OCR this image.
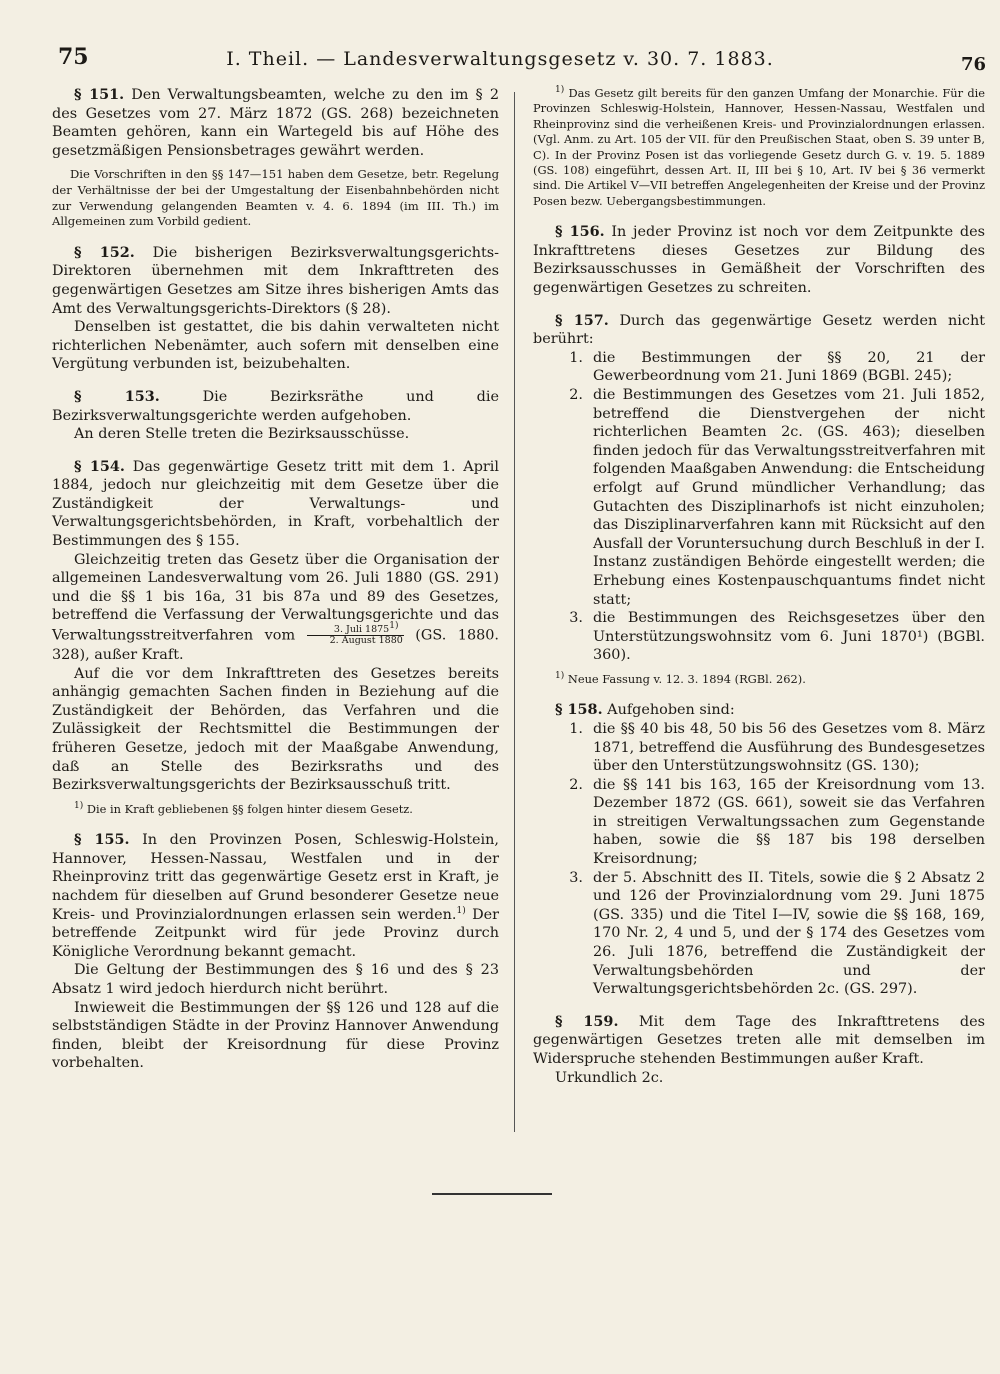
75	I. Theil. — Landesverwaltungsgesetz v. 30. 7. 1883.	76

§ 151. Den Verwaltungsbeamten, welche zu den im § 2 des Gesetzes vom 27. März 1872 (GS. 268) bezeichneten Beamten gehören, kann ein Wartegeld bis auf Höhe des gesetzmäßigen Pensionsbetrages gewährt werden.

Die Vorschriften in den §§ 147—151 haben dem Gesetze, betr. Regelung der Verhältnisse der bei der Umgestaltung der Eisenbahnbehörden nicht zur Verwendung gelangenden Beamten v. 4. 6. 1894 (im III. Th.) im Allgemeinen zum Vorbild gedient.

§ 152. Die bisherigen Bezirksverwaltungsgerichts-Direktoren übernehmen mit dem Inkrafttreten des gegenwärtigen Gesetzes am Sitze ihres bisherigen Amts das Amt des Verwaltungsgerichts-Direktors (§ 28).

Denselben ist gestattet, die bis dahin verwalteten nicht richterlichen Nebenämter, auch sofern mit denselben eine Vergütung verbunden ist, beizubehalten.

§ 153.	Die Bezirksräthe und die Bezirksverwaltungsgerichte werden aufgehoben.

An deren Stelle treten die Bezirksausschüsse.

§ 154. Das gegenwärtige Gesetz tritt mit dem 1. April 1884, jedoch nur gleichzeitig mit dem Gesetze über die Zuständigkeit der Verwaltungs- und Verwaltungsgerichtsbehörden, in Kraft, vorbehaltlich der Bestimmungen des § 155.

Gleichzeitig treten das Gesetz über die Organisation der allgemeinen Landesverwaltung vom 26. Juli 1880 (GS. 291) und die §§ 1 bis 16a, 31 bis 87a und 89 des Gesetzes, betreffend die Verfassung der Verwaltungsgerichte und das Verwaltungsstreitverfahren vom $\frac{3. Juli 1875^{1)}}{\text{2. August 1880}} (GS$. 1880. 328), außer Kraft.

Auf die vor dem Inkrafttreten des Gesetzes bereits anhängig gemachten Sachen finden in Beziehung auf die Zuständigkeit der Behörden, das Verfahren und die Zulässigkeit der Rechtsmittel die Bestimmungen der früheren Gesetze, jedoch mit der Maaßgabe Anwendung, daß an Stelle des Bezirksraths und des Bezirksverwaltungsgerichts der Bezirksausschuß tritt.

$^{1)}$ Die in Kraft gebliebenen §§ folgen hinter diesem Gesetz.

§ 155. In den Provinzen Posen, Schleswig-Holstein, Hannover, Hessen-Nassau, Westfalen und in der Rheinprovinz tritt das gegenwärtige Gesetz erst in Kraft, je nachdem für dieselben auf Grund besonderer Gesetze neue Kreis- und Provinzialordnungen erlassen sein werden.$^{1)}$ Der betreffende Zeitpunkt wird für jede Provinz durch Königliche Verordnung bekannt gemacht.

Die Geltung der Bestimmungen des § 16 und des § 23 Absatz 1 wird jedoch hierdurch nicht berührt.

Inwieweit die Bestimmungen der §§ 126 und 128 auf die selbstständigen Städte in der Provinz Hannover Anwendung finden, bleibt der Kreisordnung für diese Provinz vorbehalten.

$^{1)}$ Das Gesetz gilt bereits für den ganzen Umfang der Monarchie. Für die Provinzen Schleswig-Holstein, Hannover, Hessen-Nassau, Westfalen und Rheinprovinz sind die verheißenen Kreis- und Provinzialordnungen erlassen. (Vgl. Anm. zu Art. 105 der VII. für den Preußischen Staat, oben S. 39 unter B, C). In der Provinz Posen ist das vorliegende Gesetz durch G. v. 19. 5. 1889 (GS. 108) eingeführt, dessen Art. II, III bei § 10, Art. IV bei § 36 vermerkt sind. Die Artikel V—VII betreffen Angelegenheiten der Kreise und der Provinz Posen bezw. Uebergangsbestimmungen.

§ 156. In jeder Provinz ist noch vor dem Zeitpunkte des Inkrafttretens dieses Gesetzes zur Bildung des Bezirksausschusses in Gemäßheit der Vorschriften des gegenwärtigen Gesetzes zu schreiten.

§ 157. Durch das gegenwärtige Gesetz werden nicht berührt:

1. die Bestimmungen der §§ 20, 21 der Gewerbeordnung vom 21. Juni 1869 (BGBl. 245);
2. die Bestimmungen des Gesetzes vom 21. Juli 1852, betreffend die Dienstvergehen der nicht richterlichen Beamten 2c. (GS. 463); dieselben finden jedoch für das Verwaltungsstreitverfahren mit folgenden Maaßgaben Anwendung: die Entscheidung erfolgt auf Grund mündlicher Verhandlung; das Gutachten des Disziplinarhofs ist nicht einzuholen; das Disziplinarverfahren kann mit Rücksicht auf den Ausfall der Voruntersuchung durch Beschluß in der I. Instanz zuständigen Behörde eingestellt werden; die Erhebung eines Kostenpauschquantums findet nicht statt;
3. die Bestimmungen des Reichsgesetzes über den Unterstützungswohnsitz vom 6. Juni 1870¹) (BGBl. 360).

$^{1)}$ Neue Fassung v. 12. 3. 1894 (RGBl. 262).

§ 158. Aufgehoben sind:

1. die §§ 40 bis 48, 50 bis 56 des Gesetzes vom 8. März 1871, betreffend die Ausführung des Bundesgesetzes über den Unterstützungswohnsitz (GS. 130);
2. die §§ 141 bis 163, 165 der Kreisordnung vom 13. Dezember 1872 (GS. 661), soweit sie das Verfahren in streitigen Verwaltungssachen zum Gegenstande haben, sowie die §§ 187 bis 198 derselben Kreisordnung;
3. der 5. Abschnitt des II. Titels, sowie die § 2 Absatz 2 und 126 der Provinzialordnung vom 29. Juni 1875 (GS. 335) und die Titel I—IV, sowie die §§ 168, 169, 170 Nr. 2, 4 und 5, und der § 174 des Gesetzes vom 26. Juli 1876, betreffend die Zuständigkeit der Verwaltungsbehörden und der Verwaltungsgerichtsbehörden 2c. (GS. 297).

§ 159. Mit dem Tage des Inkrafttretens des gegenwärtigen Gesetzes treten alle mit demselben im Widerspruche stehenden Bestimmungen außer Kraft.

Urkundlich 2c.
